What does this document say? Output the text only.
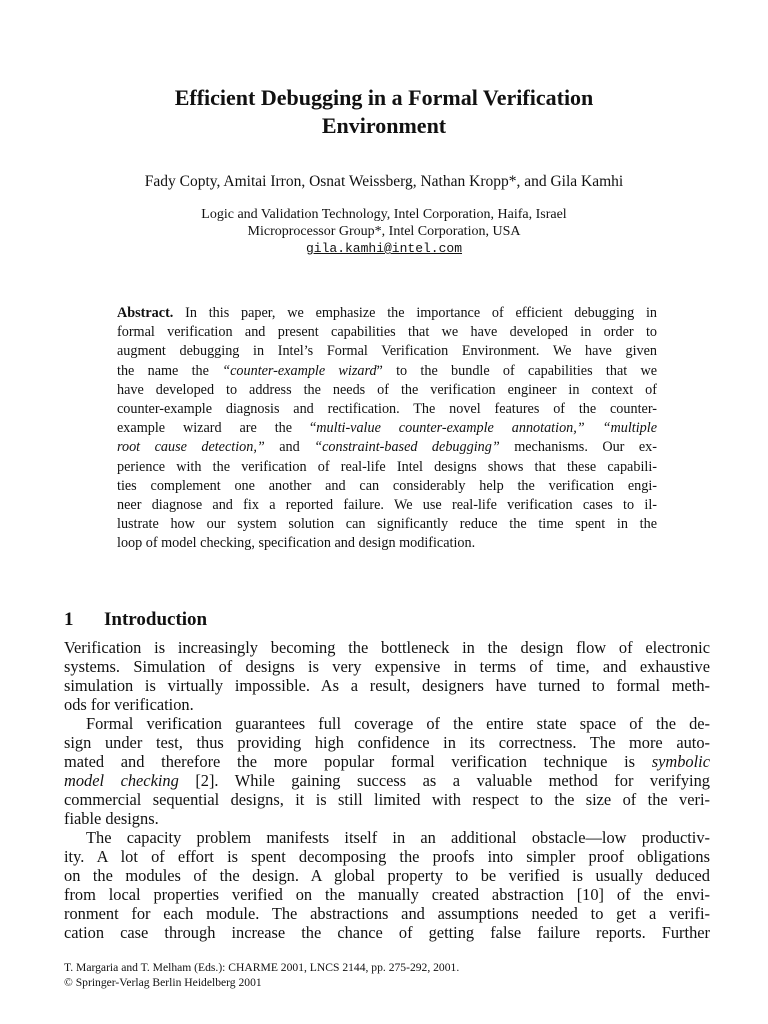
Efficient Debugging in a Formal Verification
Environment
Fady Copty, Amitai Irron, Osnat Weissberg, Nathan Kropp*, and Gila Kamhi
Logic and Validation Technology, Intel Corporation, Haifa, Israel
Microprocessor Group*, Intel Corporation, USA
gila.kamhi@intel.com
Abstract. In this paper, we emphasize the importance of efficient debugging in
formal verification and present capabilities that we have developed in order to
augment debugging in Intel’s Formal Verification Environment. We have given
the name the “counter-example wizard” to the bundle of capabilities that we
have developed to address the needs of the verification engineer in context of
counter-example diagnosis and rectification. The novel features of the counter-
example wizard are the “multi-value counter-example annotation,” “multiple
root cause detection,” and “constraint-based debugging” mechanisms. Our ex-
perience with the verification of real-life Intel designs shows that these capabili-
ties complement one another and can considerably help the verification engi-
neer diagnose and fix a reported failure. We use real-life verification cases to il-
lustrate how our system solution can significantly reduce the time spent in the
loop of model checking, specification and design modification.
1 Introduction
Verification is increasingly becoming the bottleneck in the design flow of electronic
systems. Simulation of designs is very expensive in terms of time, and exhaustive
simulation is virtually impossible. As a result, designers have turned to formal meth-
ods for verification.
Formal verification guarantees full coverage of the entire state space of the de-
sign under test, thus providing high confidence in its correctness. The more auto-
mated and therefore the more popular formal verification technique is symbolic
model checking [2]. While gaining success as a valuable method for verifying
commercial sequential designs, it is still limited with respect to the size of the veri-
fiable designs.
The capacity problem manifests itself in an additional obstacle—low productiv-
ity. A lot of effort is spent decomposing the proofs into simpler proof obligations
on the modules of the design. A global property to be verified is usually deduced
from local properties verified on the manually created abstraction [10] of the envi-
ronment for each module. The abstractions and assumptions needed to get a verifi-
cation case through increase the chance of getting false failure reports. Further
T. Margaria and T. Melham (Eds.): CHARME 2001, LNCS 2144, pp. 275-292, 2001.
© Springer-Verlag Berlin Heidelberg 2001
